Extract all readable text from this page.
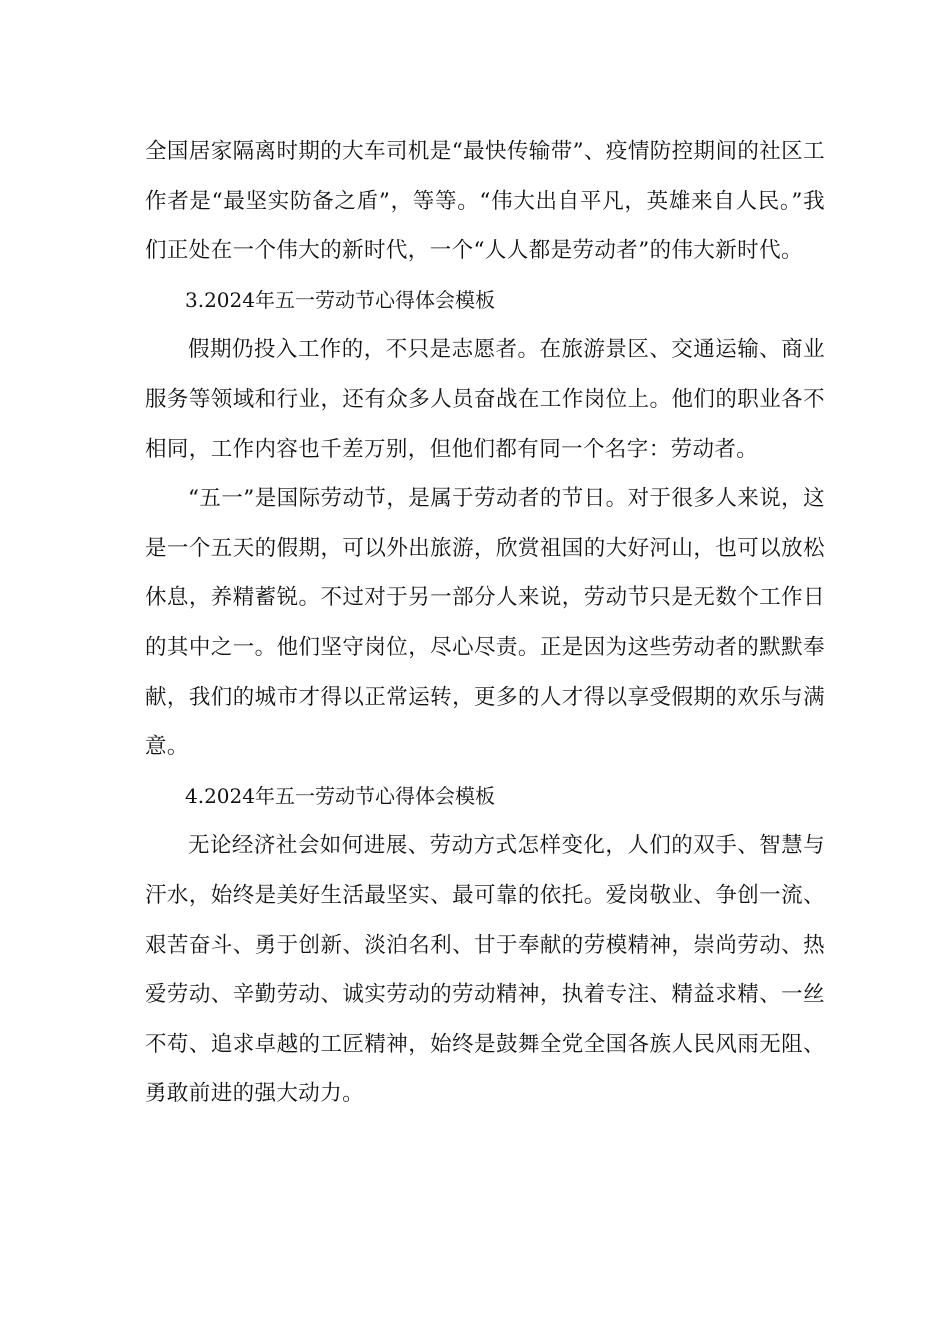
全国居家隔离时期的大车司机是“最快传输带”、疫情防控期间的社区工作者是“最坚实防备之盾”，等等。“伟大出自平凡，英雄来自人民。”我们正处在一个伟大的新时代，一个“人人都是劳动者”的伟大新时代。

3.2024年五一劳动节心得体会模板

假期仍投入工作的，不只是志愿者。在旅游景区、交通运输、商业服务等领域和行业，还有众多人员奋战在工作岗位上。他们的职业各不相同，工作内容也千差万别，但他们都有同一个名字：劳动者。

“五一”是国际劳动节，是属于劳动者的节日。对于很多人来说，这是一个五天的假期，可以外出旅游，欣赏祖国的大好河山，也可以放松休息，养精蓄锐。不过对于另一部分人来说，劳动节只是无数个工作日的其中之一。他们坚守岗位，尽心尽责。正是因为这些劳动者的默默奉献，我们的城市才得以正常运转，更多的人才得以享受假期的欢乐与满意。

4.2024年五一劳动节心得体会模板

无论经济社会如何进展、劳动方式怎样变化，人们的双手、智慧与汗水，始终是美好生活最坚实、最可靠的依托。爱岗敬业、争创一流、艰苦奋斗、勇于创新、淡泊名利、甘于奉献的劳模精神，崇尚劳动、热爱劳动、辛勤劳动、诚实劳动的劳动精神，执着专注、精益求精、一丝不苟、追求卓越的工匠精神，始终是鼓舞全党全国各族人民风雨无阻、勇敢前进的强大动力。
